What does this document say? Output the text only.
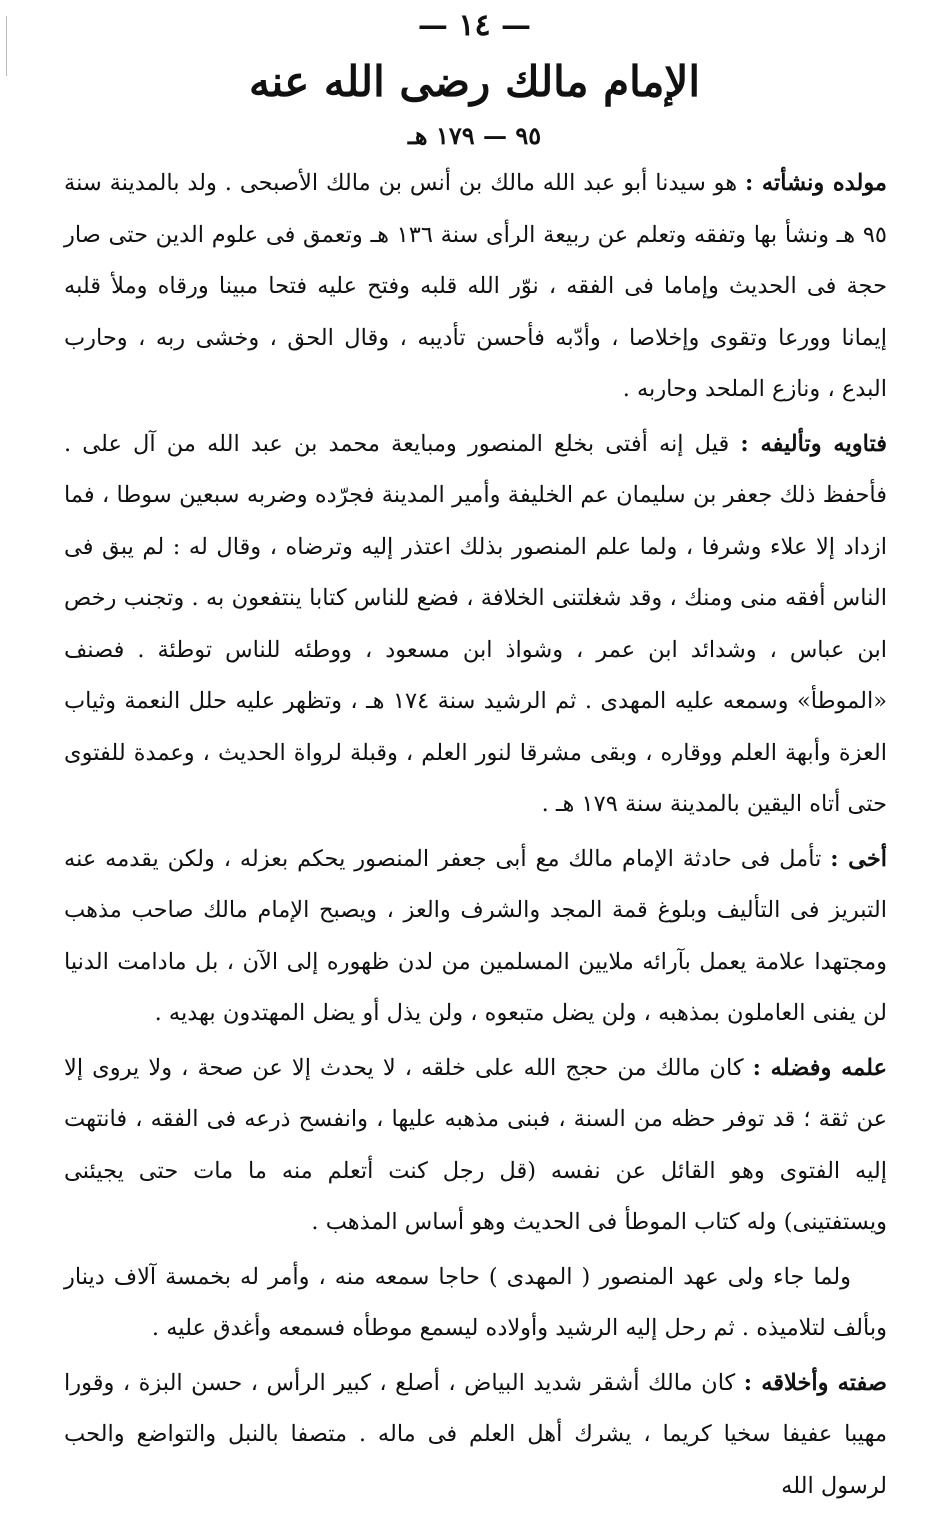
— ١٤ —
الإمام مالك رضى الله عنه
٩٥ — ١٧٩ هـ

مولده ونشأته : هو سيدنا أبو عبد الله مالك بن أنس بن مالك الأصبحى . ولد بالمدينة سنة ٩٥ هـ ونشأ بها وتفقه وتعلم عن ربيعة الرأى سنة ١٣٦ هـ وتعمق فى علوم الدين حتى صار حجة فى الحديث وإماما فى الفقه ، نوّر الله قلبه وفتح عليه فتحا مبينا ورقاه وملأ قلبه إيمانا وورعا وتقوى وإخلاصا ، وأدّبه فأحسن تأديبه ، وقال الحق ، وخشى ربه ، وحارب البدع ، ونازع الملحد وحاربه .

فتاويه وتأليفه : قيل إنه أفتى بخلع المنصور ومبايعة محمد بن عبد الله من آل على . فأحفظ ذلك جعفر بن سليمان عم الخليفة وأمير المدينة فجرّده وضربه سبعين سوطا ، فما ازداد إلا علاء وشرفا ، ولما علم المنصور بذلك اعتذر إليه وترضاه ، وقال له : لم يبق فى الناس أفقه منى ومنك ، وقد شغلتنى الخلافة ، فضع للناس كتابا ينتفعون به . وتجنب رخص ابن عباس ، وشدائد ابن عمر ، وشواذ ابن مسعود ، ووطئه للناس توطئة . فصنف «الموطأ» وسمعه عليه المهدى . ثم الرشيد سنة ١٧٤ هـ ، وتظهر عليه حلل النعمة وثياب العزة وأبهة العلم ووقاره ، وبقى مشرقا لنور العلم ، وقبلة لرواة الحديث ، وعمدة للفتوى حتى أتاه اليقين بالمدينة سنة ١٧٩ هـ .

أخى : تأمل فى حادثة الإمام مالك مع أبى جعفر المنصور يحكم بعزله ، ولكن يقدمه عنه التبريز فى التأليف وبلوغ قمة المجد والشرف والعز ، ويصبح الإمام مالك صاحب مذهب ومجتهدا علامة يعمل بآرائه ملايين المسلمين من لدن ظهوره إلى الآن ، بل مادامت الدنيا لن يفنى العاملون بمذهبه ، ولن يضل متبعوه ، ولن يذل أو يضل المهتدون بهديه .

علمه وفضله : كان مالك من حجج الله على خلقه ، لا يحدث إلا عن صحة ، ولا يروى إلا عن ثقة ؛ قد توفر حظه من السنة ، فبنى مذهبه عليها ، وانفسح ذرعه فى الفقه ، فانتهت إليه الفتوى وهو القائل عن نفسه (قل رجل كنت أتعلم منه ما مات حتى يجيئنى ويستفتينى) وله كتاب الموطأ فى الحديث وهو أساس المذهب .

ولما جاء ولى عهد المنصور ( المهدى ) حاجا سمعه منه ، وأمر له بخمسة آلاف دينار وبألف لتلاميذه . ثم رحل إليه الرشيد وأولاده ليسمع موطأه فسمعه وأغدق عليه .

صفته وأخلاقه : كان مالك أشقر شديد البياض ، أصلع ، كبير الرأس ، حسن البزة ، وقورا مهيبا عفيفا سخيا كريما ، يشرك أهل العلم فى ماله . متصفا بالنبل والتواضع والحب لرسول الله
